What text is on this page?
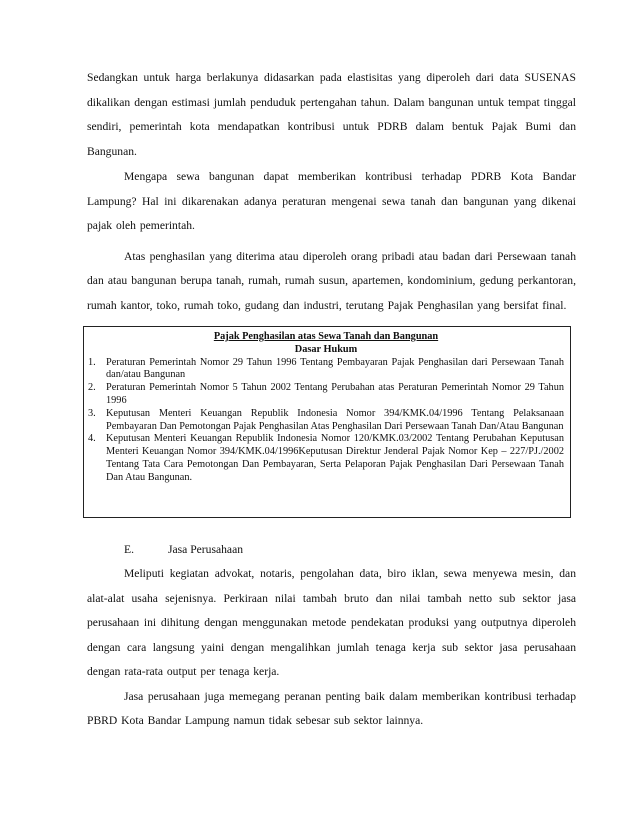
Sedangkan untuk harga berlakunya didasarkan pada elastisitas yang diperoleh dari data SUSENAS dikalikan dengan estimasi jumlah penduduk pertengahan tahun. Dalam bangunan untuk tempat tinggal sendiri, pemerintah kota mendapatkan kontribusi untuk PDRB dalam bentuk Pajak Bumi dan Bangunan.

Mengapa sewa bangunan dapat memberikan kontribusi terhadap PDRB Kota Bandar Lampung? Hal ini dikarenakan adanya peraturan mengenai sewa tanah dan bangunan yang dikenai pajak oleh pemerintah.

Atas penghasilan yang diterima atau diperoleh orang pribadi atau badan dari Persewaan tanah dan atau bangunan berupa tanah, rumah, rumah susun, apartemen, kondominium, gedung perkantoran, rumah kantor, toko, rumah toko, gudang dan industri, terutang Pajak Penghasilan yang bersifat final.

Pajak Penghasilan atas Sewa Tanah dan Bangunan

Dasar Hukum

1. Peraturan Pemerintah Nomor 29 Tahun 1996 Tentang Pembayaran Pajak Penghasilan dari Persewaan Tanah dan/atau Bangunan
2. Peraturan Pemerintah Nomor 5 Tahun 2002 Tentang Perubahan atas Peraturan Pemerintah Nomor 29 Tahun 1996
3. Keputusan Menteri Keuangan Republik Indonesia Nomor 394/KMK.04/1996 Tentang Pelaksanaan Pembayaran Dan Pemotongan Pajak Penghasilan Atas Penghasilan Dari Persewaan Tanah Dan/Atau Bangunan
4. Keputusan Menteri Keuangan Republik Indonesia Nomor 120/KMK.03/2002 Tentang Perubahan Keputusan Menteri Keuangan Nomor 394/KMK.04/1996Keputusan Direktur Jenderal Pajak Nomor Kep – 227/PJ./2002 Tentang Tata Cara Pemotongan Dan Pembayaran, Serta Pelaporan Pajak Penghasilan Dari Persewaan Tanah Dan Atau Bangunan.
E.	Jasa Perusahaan

Meliputi kegiatan advokat, notaris, pengolahan data, biro iklan, sewa menyewa mesin, dan alat-alat usaha sejenisnya. Perkiraan nilai tambah bruto dan nilai tambah netto sub sektor jasa perusahaan ini dihitung dengan menggunakan metode pendekatan produksi yang outputnya diperoleh dengan cara langsung yaini dengan mengalihkan jumlah tenaga kerja sub sektor jasa perusahaan dengan rata-rata output per tenaga kerja.

Jasa perusahaan juga memegang peranan penting baik dalam memberikan kontribusi terhadap PBRD Kota Bandar Lampung namun tidak sebesar sub sektor lainnya.
